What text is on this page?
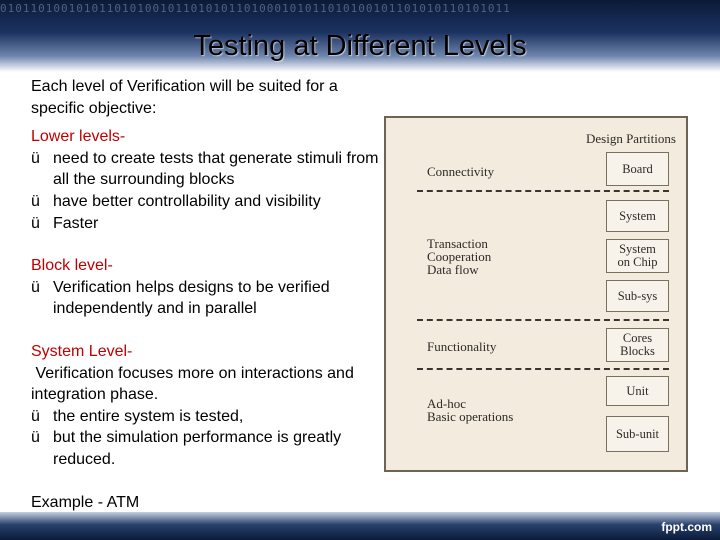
0101101001010110101001011010101101000101011010100101101010110101011
Testing at Different Levels

Each level of Verification will be suited for a specific objective:

Lower levels-

ü need to create tests that generate stimuli from all the surrounding blocks
ü have better controllability and visibility
ü Faster

Block level-

ü Verification helps designs to be verified independently and in parallel

System Level-

Verification focuses more on interactions and integration phase.

ü the entire system is tested,
ü but the simulation performance is greatly reduced.

Example - ATM

Design Partitions
Connectivity
Transaction
Cooperation
Data flow
Functionality
Ad-hoc
Basic operations
Board
System
System
on Chip
Sub-sys
Cores
Blocks
Unit
Sub-unit
fppt.com
